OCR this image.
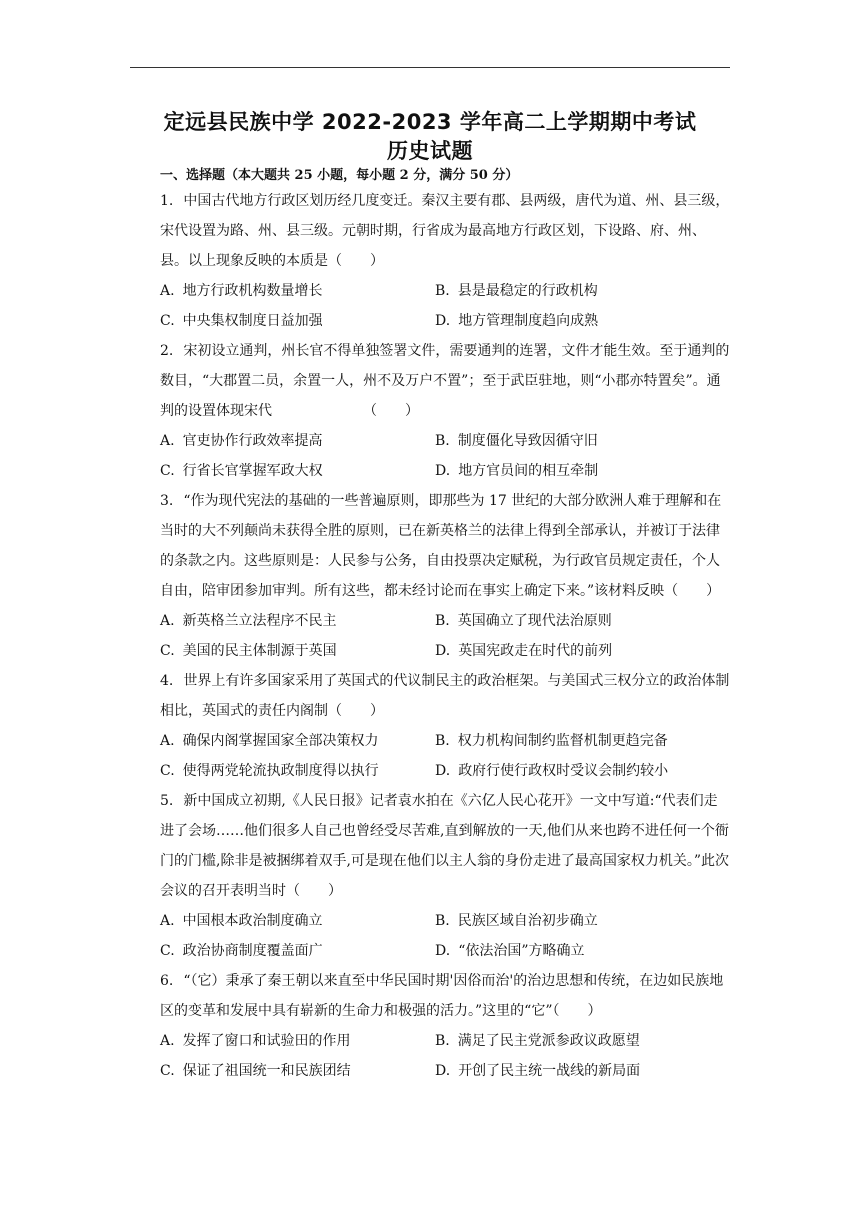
定远县民族中学 2022-2023 学年高二上学期期中考试
历史试题
一、选择题（本大题共 25 小题，每小题 2 分，满分 50 分）

1. 中国古代地方行政区划历经几度变迁。秦汉主要有郡、县两级，唐代为道、州、县三级，宋代设置为路、州、县三级。元朝时期，行省成为最高地方行政区划，下设路、府、州、县。以上现象反映的本质是（　　）

A. 地方行政机构数量增长	B. 县是最稳定的行政机构
C. 中央集权制度日益加强	D. 地方管理制度趋向成熟

2. 宋初设立通判，州长官不得单独签署文件，需要通判的连署，文件才能生效。至于通判的数目，“大郡置二员，余置一人，州不及万户不置”；至于武臣驻地，则“小郡亦特置矣”。通判的设置体现宋代　　　　　　　（　　）

A. 官吏协作行政效率提高	B. 制度僵化导致因循守旧
C. 行省长官掌握军政大权	D. 地方官员间的相互牵制

3. “作为现代宪法的基础的一些普遍原则，即那些为 17 世纪的大部分欧洲人难于理解和在当时的大不列颠尚未获得全胜的原则，已在新英格兰的法律上得到全部承认，并被订于法律的条款之内。这些原则是：人民参与公务，自由投票决定赋税，为行政官员规定责任，个人自由，陪审团参加审判。所有这些，都未经讨论而在事实上确定下来。”该材料反映（　　）

A. 新英格兰立法程序不民主	B. 英国确立了现代法治原则
C. 美国的民主体制源于英国	D. 英国宪政走在时代的前列

4. 世界上有许多国家采用了英国式的代议制民主的政治框架。与美国式三权分立的政治体制相比，英国式的责任内阁制（　　）

A. 确保内阁掌握国家全部决策权力	B. 权力机构间制约监督机制更趋完备
C. 使得两党轮流执政制度得以执行	D. 政府行使行政权时受议会制约较小

5. 新中国成立初期,《人民日报》记者袁水拍在《六亿人民心花开》一文中写道:“代表们走进了会场……他们很多人自己也曾经受尽苦难,直到解放的一天,他们从来也跨不进任何一个衙门的门槛,除非是被捆绑着双手,可是现在他们以主人翁的身份走进了最高国家权力机关。”此次会议的召开表明当时（　　）

A. 中国根本政治制度确立	B. 民族区域自治初步确立
C. 政治协商制度覆盖面广	D. “依法治国”方略确立

6. “（它）秉承了秦王朝以来直至中华民国时期'因俗而治'的治边思想和传统，在边如民族地区的变革和发展中具有崭新的生命力和极强的活力。”这里的“它”（　　）

A. 发挥了窗口和试验田的作用	B. 满足了民主党派参政议政愿望
C. 保证了祖国统一和民族团结	D. 开创了民主统一战线的新局面
